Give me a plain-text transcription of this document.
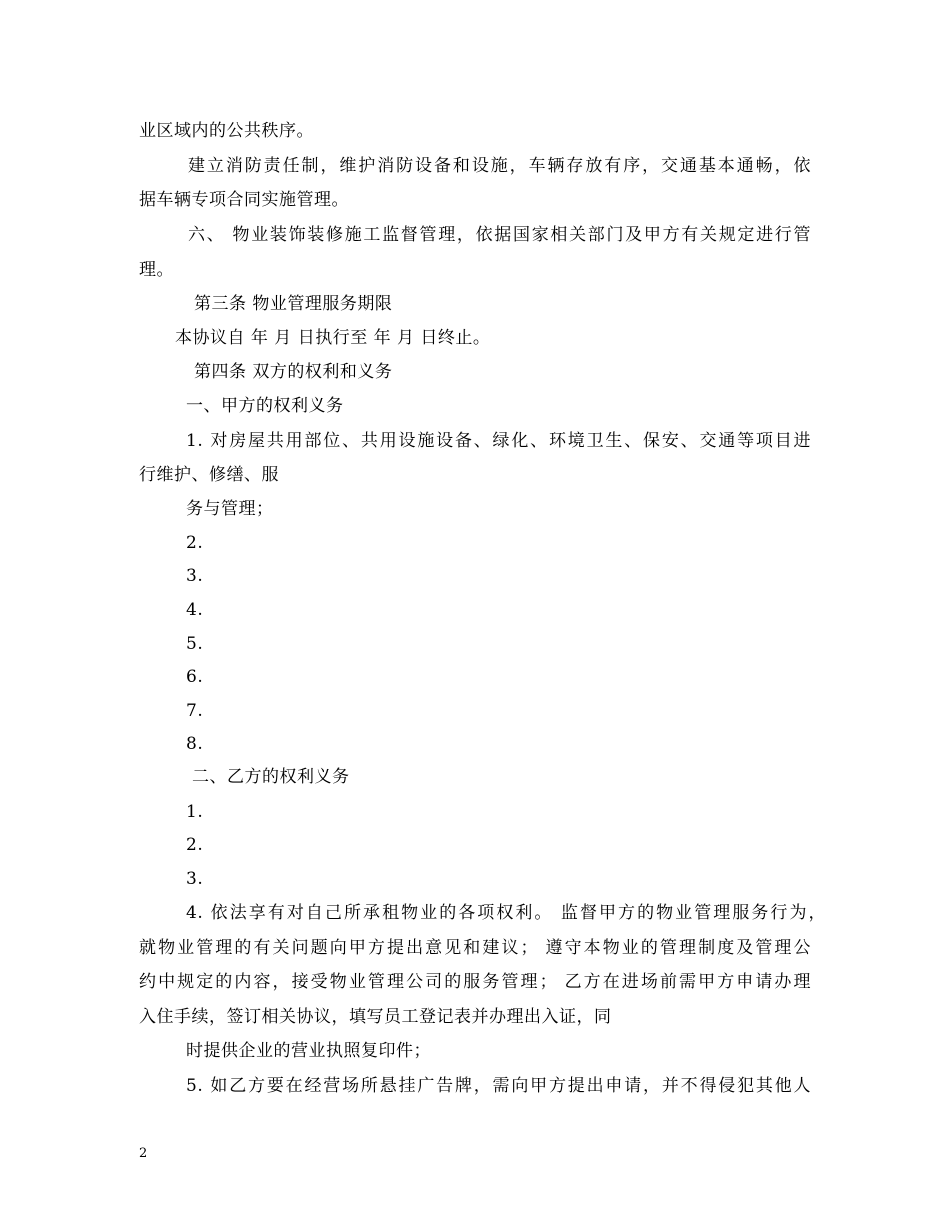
业区域内的公共秩序。
建立消防责任制，维护消防设备和设施，车辆存放有序，交通基本通畅，依
据车辆专项合同实施管理。
六、 物业装饰装修施工监督管理，依据国家相关部门及甲方有关规定进行管
理。
第三条 物业管理服务期限
本协议自 年 月 日执行至 年 月 日终止。
第四条 双方的权利和义务
一、甲方的权利义务
1. 对房屋共用部位、共用设施设备、绿化、环境卫生、保安、交通等项目进
行维护、修缮、服
务与管理；
2.
3.
4.
5.
6.
7.
8.
二、乙方的权利义务
1.
2.
3.
4. 依法享有对自己所承租物业的各项权利。 监督甲方的物业管理服务行为，
就物业管理的有关问题向甲方提出意见和建议； 遵守本物业的管理制度及管理公
约中规定的内容，接受物业管理公司的服务管理； 乙方在进场前需甲方申请办理
入住手续，签订相关协议，填写员工登记表并办理出入证，同
时提供企业的营业执照复印件；
5. 如乙方要在经营场所悬挂广告牌，需向甲方提出申请，并不得侵犯其他人
2
